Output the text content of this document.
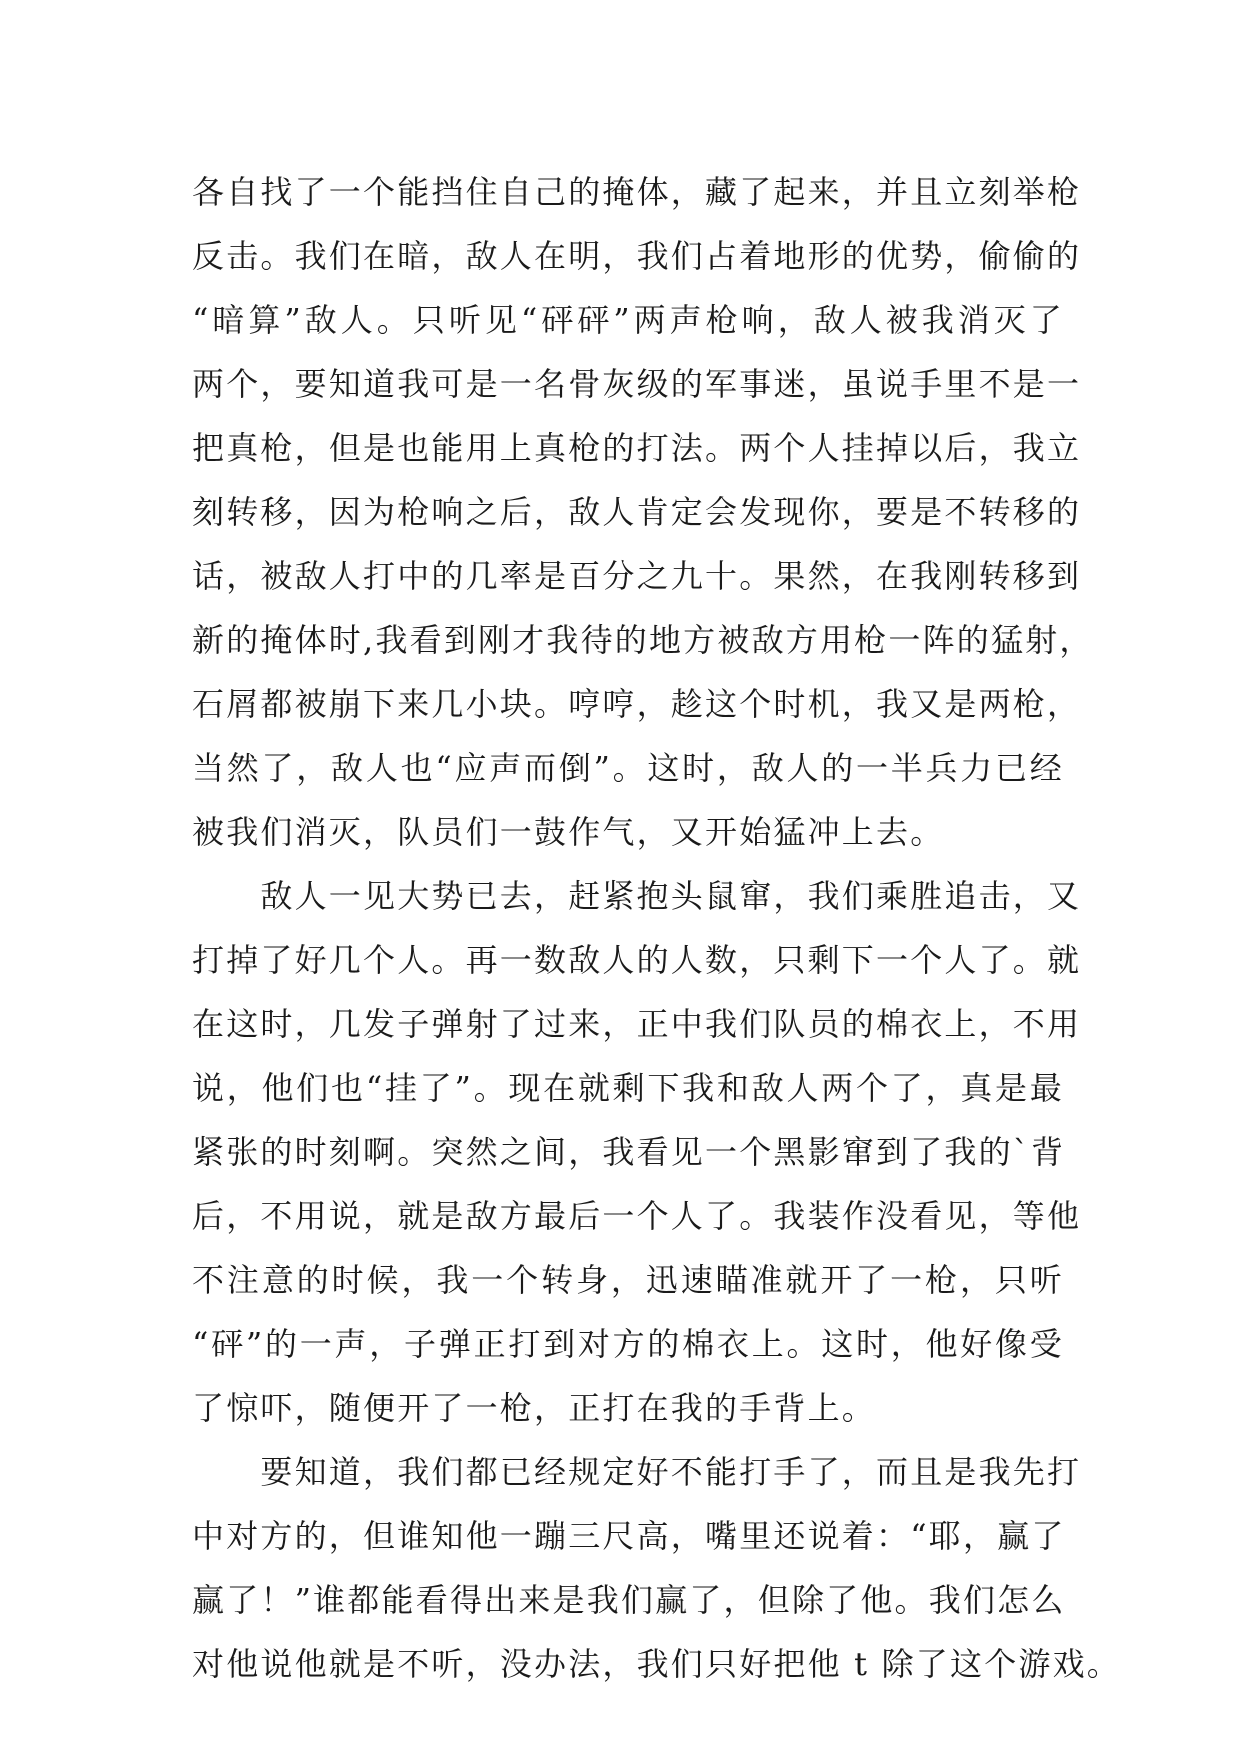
各自找了一个能挡住自己的掩体，藏了起来，并且立刻举枪
反击。我们在暗，敌人在明，我们占着地形的优势，偷偷的
“暗算”敌人。只听见“砰砰”两声枪响，敌人被我消灭了
两个，要知道我可是一名骨灰级的军事迷，虽说手里不是一
把真枪，但是也能用上真枪的打法。两个人挂掉以后，我立
刻转移，因为枪响之后，敌人肯定会发现你，要是不转移的
话，被敌人打中的几率是百分之九十。果然，在我刚转移到
新的掩体时,我看到刚才我待的地方被敌方用枪一阵的猛射，
石屑都被崩下来几小块。哼哼，趁这个时机，我又是两枪，
当然了，敌人也“应声而倒”。这时，敌人的一半兵力已经
被我们消灭，队员们一鼓作气，又开始猛冲上去。
　　敌人一见大势已去，赶紧抱头鼠窜，我们乘胜追击，又
打掉了好几个人。再一数敌人的人数，只剩下一个人了。就
在这时，几发子弹射了过来，正中我们队员的棉衣上，不用
说，他们也“挂了”。现在就剩下我和敌人两个了，真是最
紧张的时刻啊。突然之间，我看见一个黑影窜到了我的`背
后，不用说，就是敌方最后一个人了。我装作没看见，等他
不注意的时候，我一个转身，迅速瞄准就开了一枪，只听
“砰”的一声，子弹正打到对方的棉衣上。这时，他好像受
了惊吓，随便开了一枪，正打在我的手背上。
　　要知道，我们都已经规定好不能打手了，而且是我先打
中对方的，但谁知他一蹦三尺高，嘴里还说着：“耶，赢了
赢了！”谁都能看得出来是我们赢了，但除了他。我们怎么
对他说他就是不听，没办法，我们只好把他 t 除了这个游戏。
